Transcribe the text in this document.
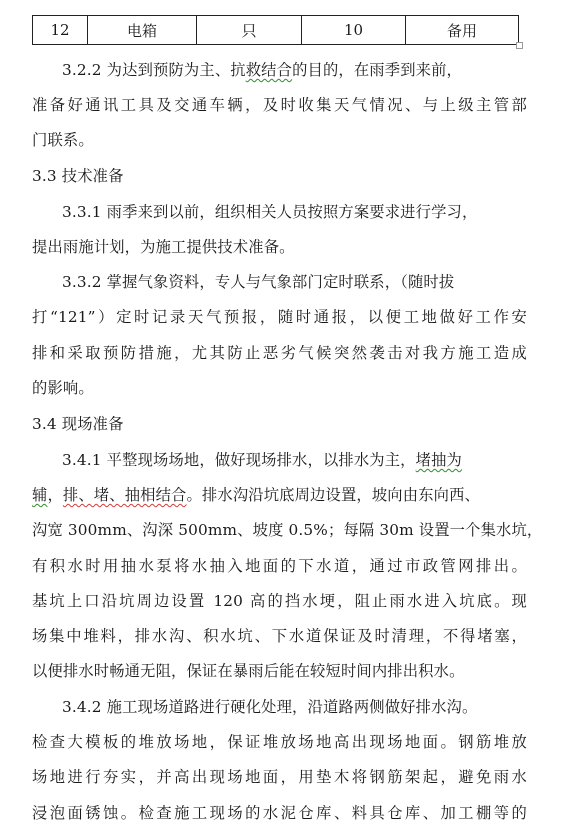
12	电箱	只	10	备用
3.2.2 为达到预防为主、抗救结合的目的，在雨季到来前，
准备好通讯工具及交通车辆，及时收集天气情况、与上级主管部
门联系。
3.3 技术准备
3.3.1 雨季来到以前，组织相关人员按照方案要求进行学习，
提出雨施计划，为施工提供技术准备。
3.3.2 掌握气象资料，专人与气象部门定时联系，（随时拔
打“121”）定时记录天气预报，随时通报，以便工地做好工作安
排和采取预防措施，尤其防止恶劣气候突然袭击对我方施工造成
的影响。
3.4 现场准备
3.4.1 平整现场场地，做好现场排水，以排水为主，堵抽为
辅，排、堵、抽相结合。排水沟沿坑底周边设置，坡向由东向西、
沟宽 300mm、沟深 500mm、坡度 0.5%；每隔 30m 设置一个集水坑，
有积水时用抽水泵将水抽入地面的下水道，通过市政管网排出。
基坑上口沿坑周边设置 120 高的挡水埂，阻止雨水进入坑底。现
场集中堆料，排水沟、积水坑、下水道保证及时清理，不得堵塞，
以便排水时畅通无阻，保证在暴雨后能在较短时间内排出积水。
3.4.2 施工现场道路进行硬化处理，沿道路两侧做好排水沟。
检查大模板的堆放场地，保证堆放场地高出现场地面。钢筋堆放
场地进行夯实，并高出现场地面，用垫木将钢筋架起，避免雨水
浸泡面锈蚀。检查施工现场的水泥仓库、料具仓库、加工棚等的
